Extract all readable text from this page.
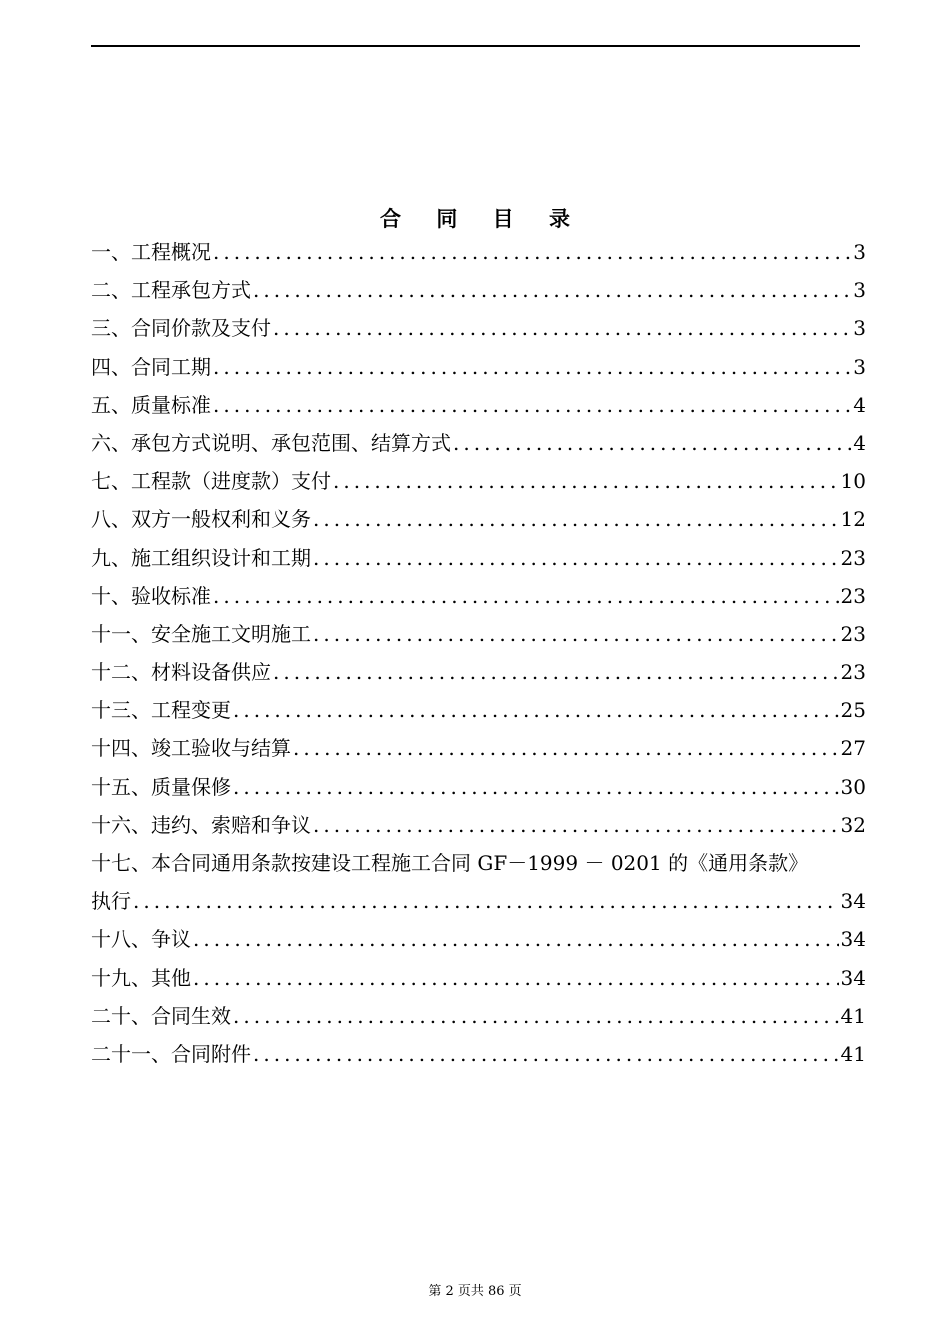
合 同 目 录
一、工程概况 .....	3
二、工程承包方式 .....	3
三、合同价款及支付 .....	3
四、合同工期 .....	3
五、质量标准 .....	4
六、承包方式说明、承包范围、结算方式 .....	4
七、工程款（进度款）支付 .....	10
八、双方一般权利和义务 .....	12
九、施工组织设计和工期 .....	23
十、验收标准 .....	23
十一、安全施工文明施工 .....	23
十二、材料设备供应 .....	23
十三、工程变更 .....	25
十四、竣工验收与结算 .....	27
十五、质量保修 .....	30
十六、违约、索赔和争议 .....	32
十七、本合同通用条款按建设工程施工合同 GF－1999 － 0201 的《通用条款》
执行 .....	34
十八、争议 .....	34
十九、其他 .....	34
二十、合同生效 .....	41
二十一、合同附件 .....	41
第 2 页共 86 页
